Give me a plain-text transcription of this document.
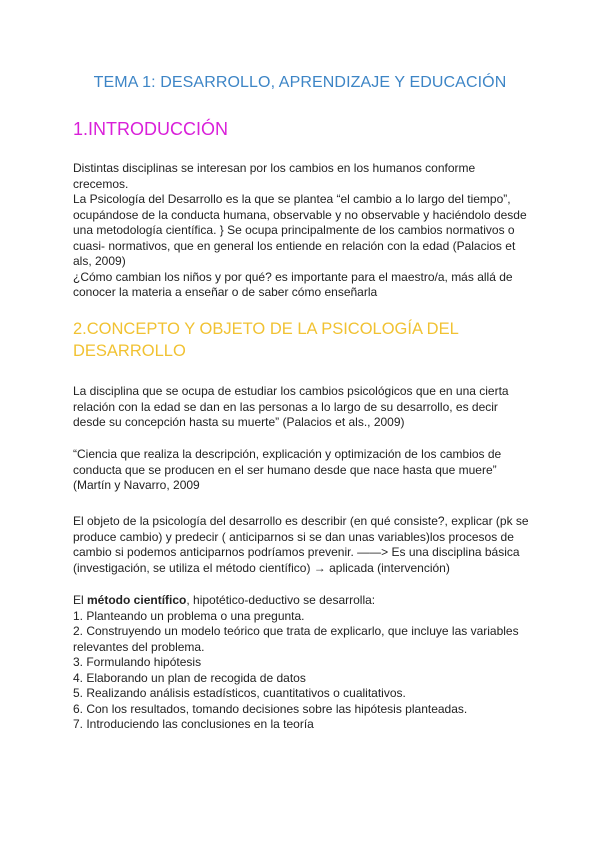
TEMA 1: DESARROLLO, APRENDIZAJE Y EDUCACIÓN
1.INTRODUCCIÓN

Distintas disciplinas se interesan por los cambios en los humanos conforme crecemos.

La Psicología del Desarrollo es la que se plantea “el cambio a lo largo del tiempo”, ocupándose de la conducta humana, observable y no observable y haciéndolo desde una metodología científica. } Se ocupa principalmente de los cambios normativos o cuasi- normativos, que en general los entiende en relación con la edad (Palacios et als, 2009)

¿Cómo cambian los niños y por qué? es importante para el maestro/a, más allá de conocer la materia a enseñar o de saber cómo enseñarla

2.CONCEPTO Y OBJETO DE LA PSICOLOGÍA DEL DESARROLLO

La disciplina que se ocupa de estudiar los cambios psicológicos que en una cierta relación con la edad se dan en las personas a lo largo de su desarrollo, es decir desde su concepción hasta su muerte” (Palacios et als., 2009)

“Ciencia que realiza la descripción, explicación y optimización de los cambios de conducta que se producen en el ser humano desde que nace hasta que muere” (Martín y Navarro, 2009

El objeto de la psicología del desarrollo es describir (en qué consiste?, explicar (pk se produce cambio) y predecir ( anticiparnos si se dan unas variables)los procesos de cambio si podemos anticiparnos podríamos prevenir. ——> Es una disciplina básica (investigación, se utiliza el método científico) → aplicada (intervención)

El método científico, hipotético-deductivo se desarrolla:

1. Planteando un problema o una pregunta.
2. Construyendo un modelo teórico que trata de explicarlo, que incluye las variables relevantes del problema.
3. Formulando hipótesis
4. Elaborando un plan de recogida de datos
5. Realizando análisis estadísticos, cuantitativos o cualitativos.
6. Con los resultados, tomando decisiones sobre las hipótesis planteadas.
7. Introduciendo las conclusiones en la teoría
